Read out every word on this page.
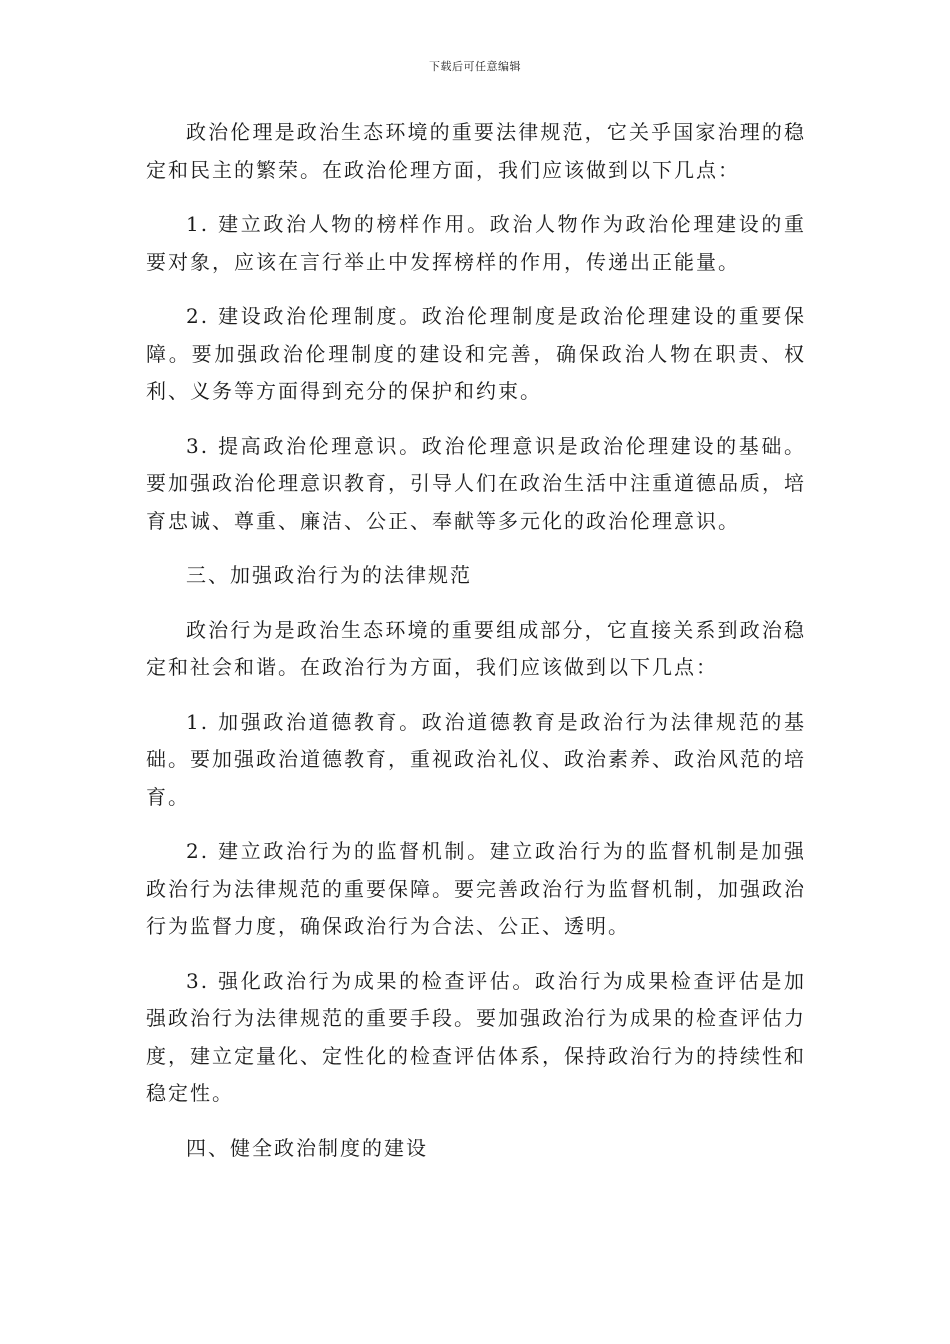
下载后可任意编辑

政治伦理是政治生态环境的重要法律规范，它关乎国家治理的稳定和民主的繁荣。在政治伦理方面，我们应该做到以下几点：

1. 建立政治人物的榜样作用。政治人物作为政治伦理建设的重要对象，应该在言行举止中发挥榜样的作用，传递出正能量。

2. 建设政治伦理制度。政治伦理制度是政治伦理建设的重要保障。要加强政治伦理制度的建设和完善，确保政治人物在职责、权利、义务等方面得到充分的保护和约束。

3. 提高政治伦理意识。政治伦理意识是政治伦理建设的基础。要加强政治伦理意识教育，引导人们在政治生活中注重道德品质，培育忠诚、尊重、廉洁、公正、奉献等多元化的政治伦理意识。

三、加强政治行为的法律规范

政治行为是政治生态环境的重要组成部分，它直接关系到政治稳定和社会和谐。在政治行为方面，我们应该做到以下几点：

1. 加强政治道德教育。政治道德教育是政治行为法律规范的基础。要加强政治道德教育，重视政治礼仪、政治素养、政治风范的培育。

2. 建立政治行为的监督机制。建立政治行为的监督机制是加强政治行为法律规范的重要保障。要完善政治行为监督机制，加强政治行为监督力度，确保政治行为合法、公正、透明。

3. 强化政治行为成果的检查评估。政治行为成果检查评估是加强政治行为法律规范的重要手段。要加强政治行为成果的检查评估力度，建立定量化、定性化的检查评估体系，保持政治行为的持续性和稳定性。

四、健全政治制度的建设
